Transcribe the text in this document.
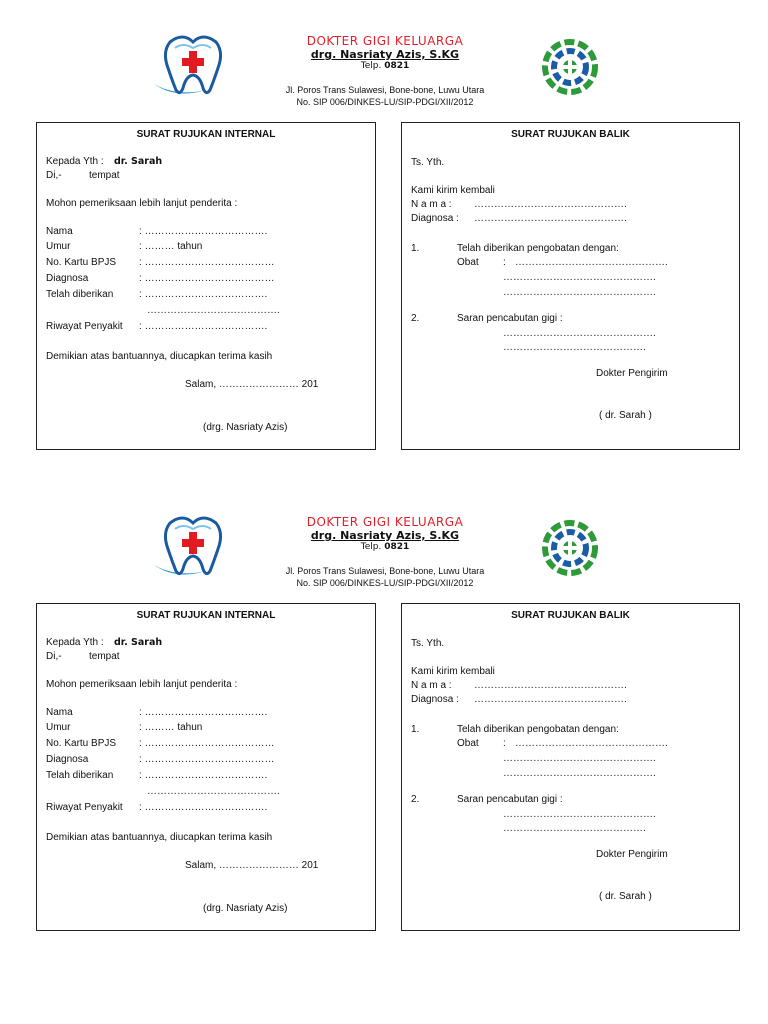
DOKTER GIGI KELUARGA
drg. Nasriaty Azis, S.KG
Telp. 0821
Jl. Poros Trans Sulawesi, Bone-bone, Luwu Utara
No. SIP 006/DINKES-LU/SIP-PDGI/XII/2012
SURAT RUJUKAN INTERNAL
Kepada Yth : dr. Sarah
Di,-	tempat
Mohon pemeriksaan lebih lanjut penderita :
Nama	: ……………………………….
Umur	: ……… tahun
No. Kartu BPJS : …………………………………
Diagnosa	: …………………………………
Telah diberikan	: ……………………………….
………………………………….
Riwayat Penyakit : ……………………………….
Demikian atas bantuannya, diucapkan terima kasih
Salam, …………………… 201
(drg. Nasriaty Azis)
SURAT RUJUKAN BALIK
Ts. Yth.
Kami kirim kembali
N a m a : ……………………………………….
Diagnosa : ……………………………………….
1.	Telah diberikan pengobatan dengan:
Obat : ……………………………………….
……………………………………….
……………………………………….
2.	Saran pencabutan gigi :
……………………………………….
…………………………………….
Dokter Pengirim
( dr. Sarah )
DOKTER GIGI KELUARGA
drg. Nasriaty Azis, S.KG
Telp. 0821
Jl. Poros Trans Sulawesi, Bone-bone, Luwu Utara
No. SIP 006/DINKES-LU/SIP-PDGI/XII/2012
SURAT RUJUKAN INTERNAL
Kepada Yth : dr. Sarah
Di,-	tempat
Mohon pemeriksaan lebih lanjut penderita :
Nama	: ……………………………….
Umur	: ……… tahun
No. Kartu BPJS : …………………………………
Diagnosa	: …………………………………
Telah diberikan	: ……………………………….
………………………………….
Riwayat Penyakit : ……………………………….
Demikian atas bantuannya, diucapkan terima kasih
Salam, …………………… 201
(drg. Nasriaty Azis)
SURAT RUJUKAN BALIK
Ts. Yth.
Kami kirim kembali
N a m a : ……………………………………….
Diagnosa : ……………………………………….
1.	Telah diberikan pengobatan dengan:
Obat : ……………………………………….
……………………………………….
……………………………………….
2.	Saran pencabutan gigi :
……………………………………….
…………………………………….
Dokter Pengirim
( dr. Sarah )
